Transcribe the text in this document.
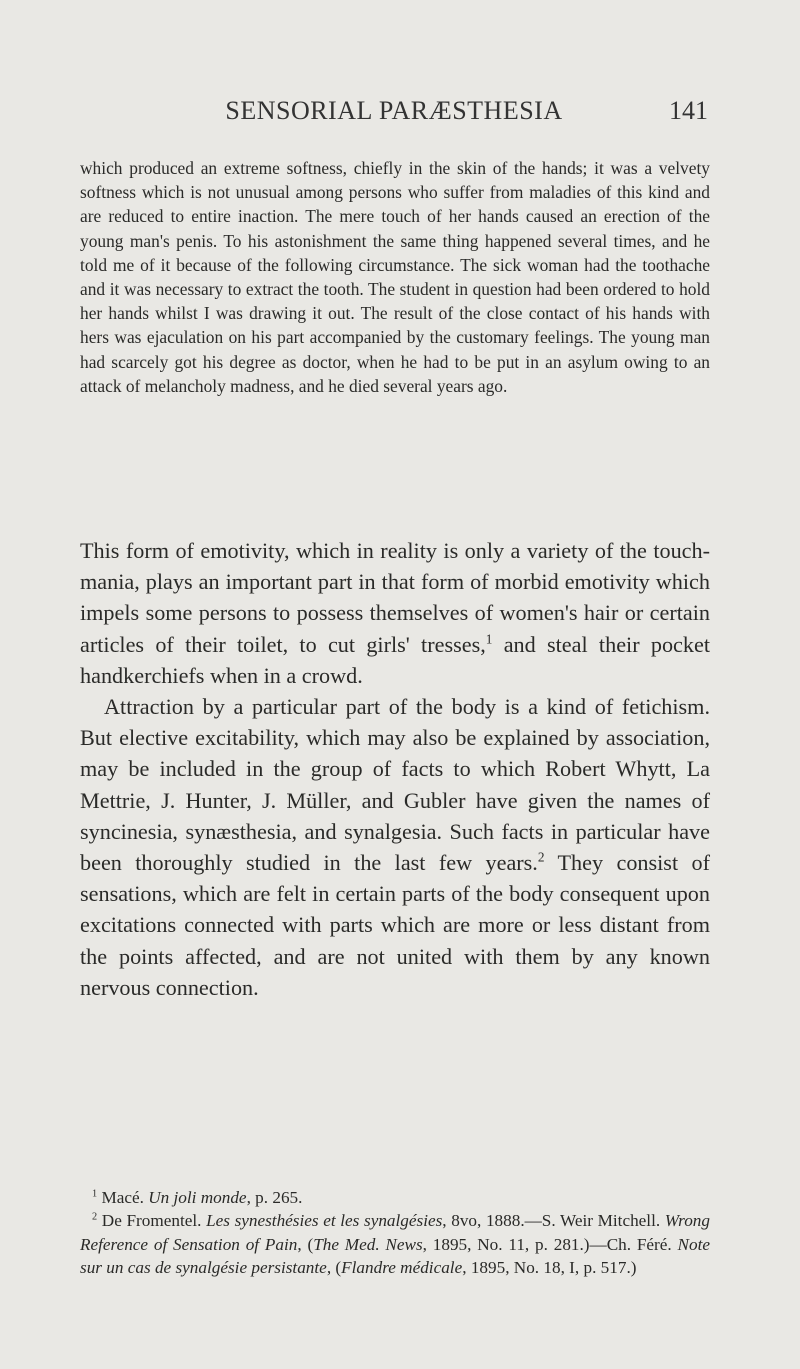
SENSORIAL PARÆSTHESIA	141

which produced an extreme softness, chiefly in the skin of the hands; it was a velvety softness which is not unusual among persons who suffer from maladies of this kind and are reduced to entire inaction. The mere touch of her hands caused an erection of the young man's penis. To his astonishment the same thing happened several times, and he told me of it because of the following circumstance. The sick woman had the toothache and it was necessary to extract the tooth. The student in question had been ordered to hold her hands whilst I was drawing it out. The result of the close contact of his hands with hers was ejaculation on his part accompanied by the customary feelings. The young man had scarcely got his degree as doctor, when he had to be put in an asylum owing to an attack of melancholy madness, and he died several years ago.

This form of emotivity, which in reality is only a variety of the touch-mania, plays an important part in that form of morbid emotivity which impels some persons to possess themselves of women's hair or certain articles of their toilet, to cut girls' tresses,$^1$ and steal their pocket handkerchiefs when in a crowd.

Attraction by a particular part of the body is a kind of fetichism. But elective excitability, which may also be explained by association, may be included in the group of facts to which Robert Whytt, La Mettrie, J. Hunter, J. Müller, and Gubler have given the names of syncinesia, synæsthesia, and synalgesia. Such facts in particular have been thoroughly studied in the last few years.$^2$ They consist of sensations, which are felt in certain parts of the body consequent upon excitations connected with parts which are more or less distant from the points affected, and are not united with them by any known nervous connection.

$^1$ Macé. Un joli monde, p. 265.

$^2$ De Fromentel. Les synesthésies et les synalgésies, 8vo, 1888.—S. Weir Mitchell. Wrong Reference of Sensation of Pain, (The Med. News, 1895, No. 11, p. 281.)—Ch. Féré. Note sur un cas de synalgésie persistante, (Flandre médicale, 1895, No. 18, I, p. 517.)
